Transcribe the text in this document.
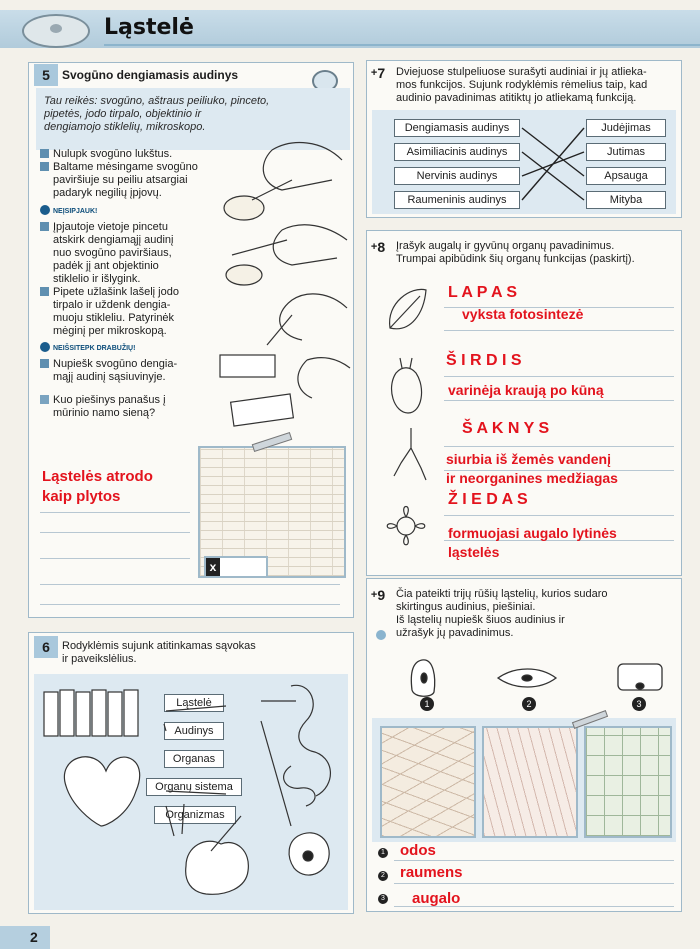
Ląstelė
5	Svogūno dengiamasis audinys
Tau reikės: svogūno, aštraus peiliuko, pinceto,
pipetės, jodo tirpalo, objektinio ir
dengiamojo stiklelių, mikroskopo.
Nulupk svogūno lukštus.
Baltame mėsingame svogūno
paviršiuje su peiliu atsargiai
padaryk negilių įpjovų.
NEĮSIPJAUK!
Įpjautoje vietoje pincetu
atskirk dengiamąjį audinį
nuo svogūno paviršiaus,
padėk jį ant objektinio
stiklelio ir išlygink.
Pipete užlašink lašelį jodo
tirpalo ir uždenk dengia-
muoju stikleliu. Patyrinėk
mėginį per mikroskopą.
NEIŠSITEPK DRABUŽIŲ!
Nupiešk svogūno dengia-
mąjį audinį sąsiuvinyje.
Kuo piešinys panašus į
mūrinio namo sieną?
x
Ląstelės atrodo
kaip plytos
+ 7 Dviejuose stulpeliuose surašyti audiniai ir jų atlieka-
mos funkcijos. Sujunk rodyklėmis rėmelius taip, kad
audinio pavadinimas atitiktų jo atliekamą funkciją.
Dengiamasis audinys
Asimiliacinis audinys
Nervinis audinys
Raumeninis audinys
Judėjimas
Jutimas
Apsauga
Mityba
+ 8 Įrašyk augalų ir gyvūnų organų pavadinimus.
Trumpai apibūdink šių organų funkcijas (paskirtį).
L A P A S
vyksta fotosintezė
Š I R D I S
varinėja kraują po kūną
Š A K N Y S
siurbia iš žemės vandenį
ir neorganines medžiagas
Ž I E D A S
formuojasi augalo lytinės
ląstelės
6	Rodyklėmis sujunk atitinkamas sąvokas
ir paveikslėlius.
Ląstelė
Audinys
Organas
Organų sistema
Organizmas
+ 9 Čia pateikti trijų rūšių ląstelių, kurios sudaro
skirtingus audinius, piešiniai.
Iš ląstelių nupiešk šiuos audinius ir
užrašyk jų pavadinimus.
1	2	3
1
2
3
odos
raumens
augalo
2
